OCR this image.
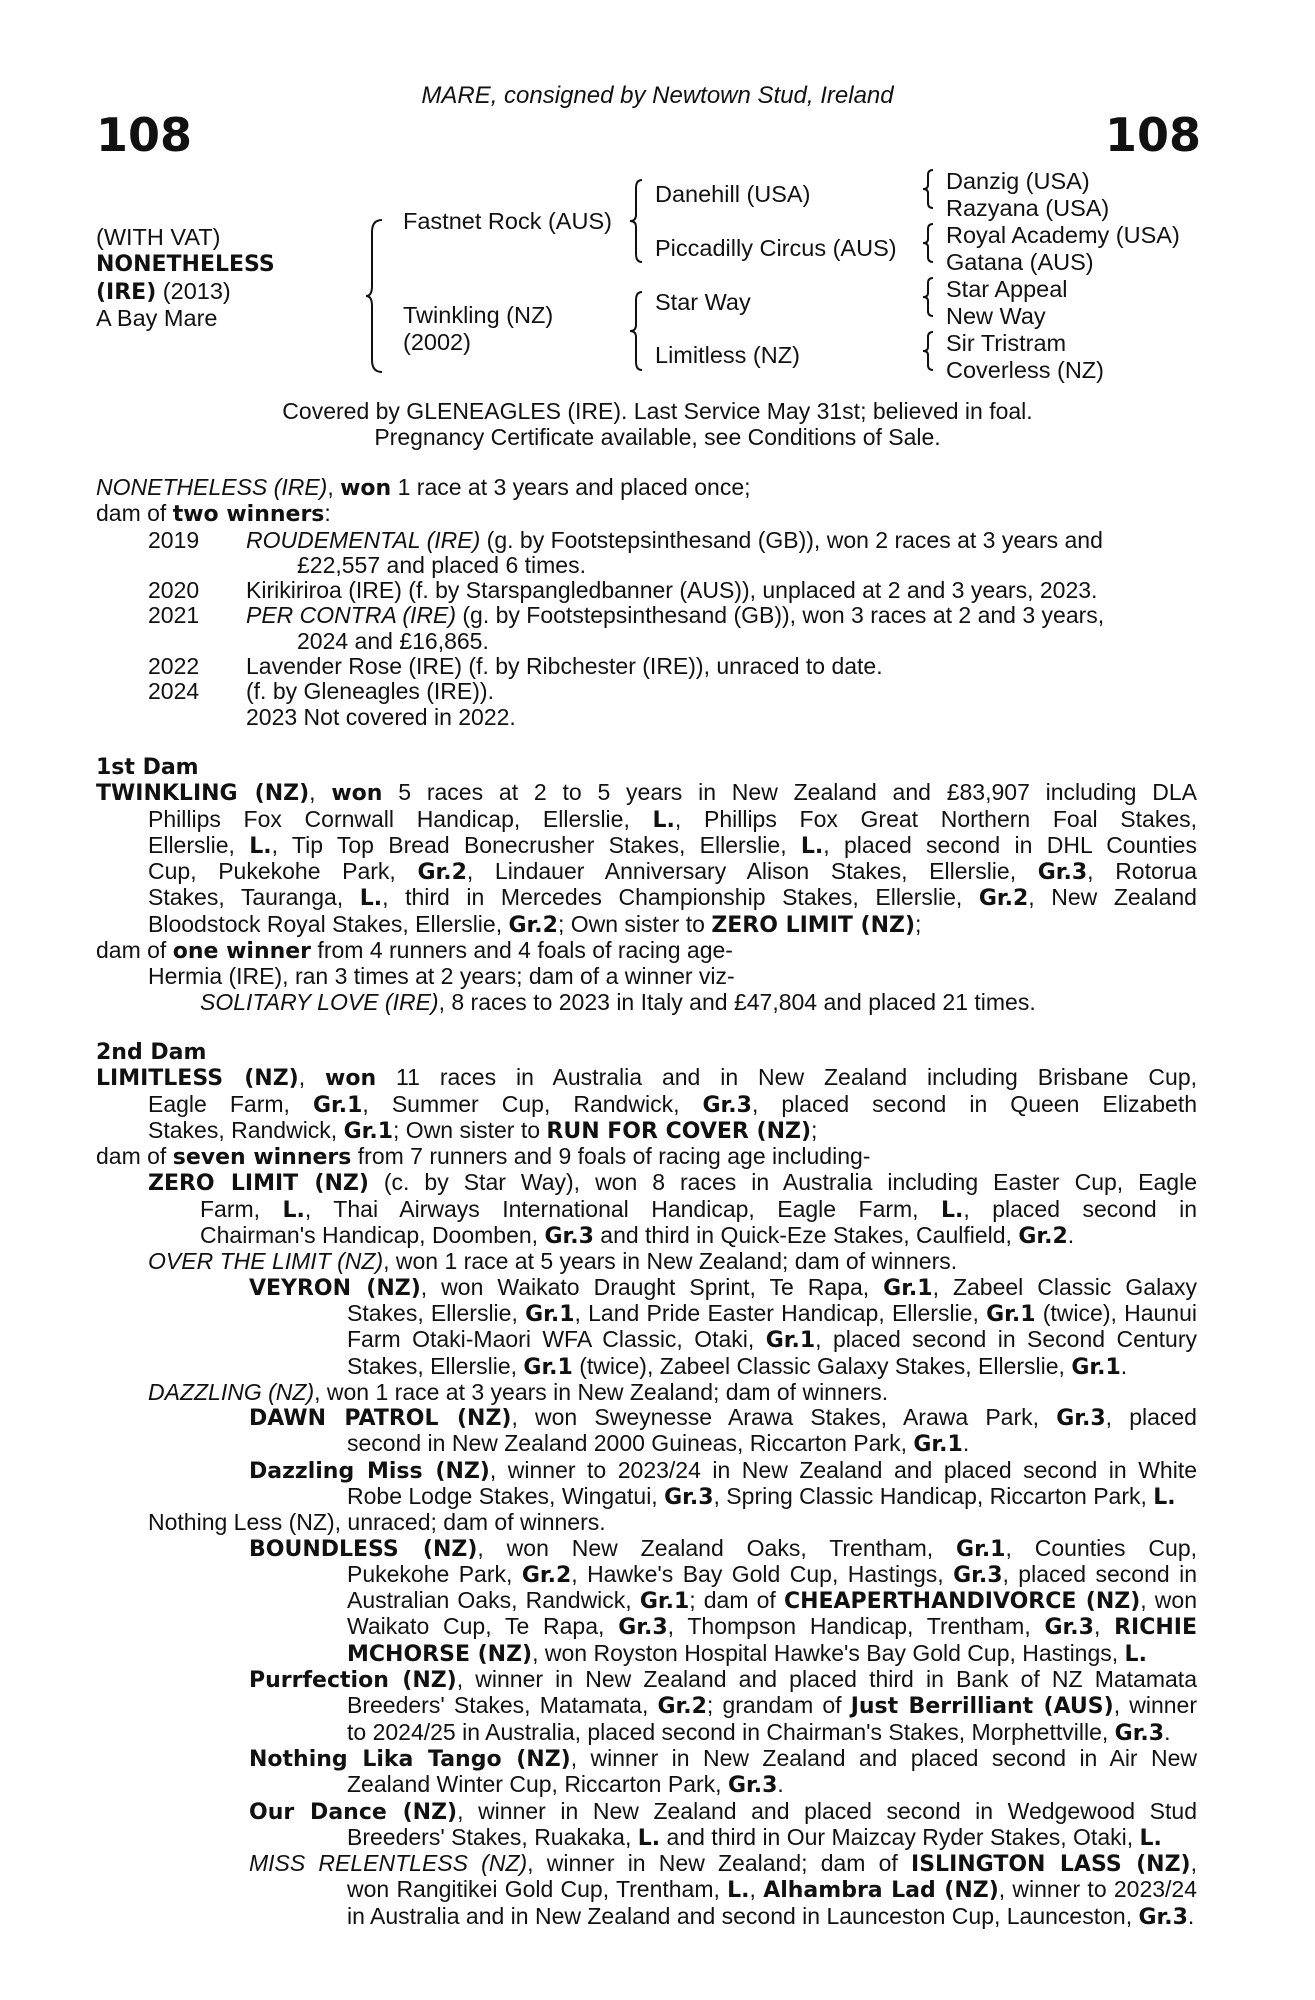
108	108
MARE, consigned by Newtown Stud, Ireland
(WITH VAT)
NONETHELESS
(IRE) (2013)
A Bay Mare
Fastnet Rock (AUS)
Twinkling (NZ)
(2002)
Danehill (USA)
Piccadilly Circus (AUS)
Star Way
Limitless (NZ)
Danzig (USA)
Razyana (USA)
Royal Academy (USA)
Gatana (AUS)
Star Appeal
New Way
Sir Tristram
Coverless (NZ)
Covered by GLENEAGLES (IRE). Last Service May 31st; believed in foal.
Pregnancy Certificate available, see Conditions of Sale.
NONETHELESS (IRE), won 1 race at 3 years and placed once;
dam of two winners:
2019 ROUDEMENTAL (IRE) (g. by Footstepsinthesand (GB)), won 2 races at 3 years and
£22,557 and placed 6 times.
2020 Kirikiriroa (IRE) (f. by Starspangledbanner (AUS)), unplaced at 2 and 3 years, 2023.
2021 PER CONTRA (IRE) (g. by Footstepsinthesand (GB)), won 3 races at 2 and 3 years,
2024 and £16,865.
2022 Lavender Rose (IRE) (f. by Ribchester (IRE)), unraced to date.
2024 (f. by Gleneagles (IRE)).
2023 Not covered in 2022.
1st Dam
TWINKLING (NZ), won 5 races at 2 to 5 years in New Zealand and £83,907 including DLA
Phillips Fox Cornwall Handicap, Ellerslie, L., Phillips Fox Great Northern Foal Stakes,
Ellerslie, L., Tip Top Bread Bonecrusher Stakes, Ellerslie, L., placed second in DHL Counties
Cup, Pukekohe Park, Gr.2, Lindauer Anniversary Alison Stakes, Ellerslie, Gr.3, Rotorua
Stakes, Tauranga, L., third in Mercedes Championship Stakes, Ellerslie, Gr.2, New Zealand
Bloodstock Royal Stakes, Ellerslie, Gr.2; Own sister to ZERO LIMIT (NZ);
dam of one winner from 4 runners and 4 foals of racing age-
Hermia (IRE), ran 3 times at 2 years; dam of a winner viz-
SOLITARY LOVE (IRE), 8 races to 2023 in Italy and £47,804 and placed 21 times.
2nd Dam
LIMITLESS (NZ), won 11 races in Australia and in New Zealand including Brisbane Cup,
Eagle Farm, Gr.1, Summer Cup, Randwick, Gr.3, placed second in Queen Elizabeth
Stakes, Randwick, Gr.1; Own sister to RUN FOR COVER (NZ);
dam of seven winners from 7 runners and 9 foals of racing age including-
ZERO LIMIT (NZ) (c. by Star Way), won 8 races in Australia including Easter Cup, Eagle
Farm, L., Thai Airways International Handicap, Eagle Farm, L., placed second in
Chairman's Handicap, Doomben, Gr.3 and third in Quick-Eze Stakes, Caulfield, Gr.2.
OVER THE LIMIT (NZ), won 1 race at 5 years in New Zealand; dam of winners.
VEYRON (NZ), won Waikato Draught Sprint, Te Rapa, Gr.1, Zabeel Classic Galaxy
Stakes, Ellerslie, Gr.1, Land Pride Easter Handicap, Ellerslie, Gr.1 (twice), Haunui
Farm Otaki-Maori WFA Classic, Otaki, Gr.1, placed second in Second Century
Stakes, Ellerslie, Gr.1 (twice), Zabeel Classic Galaxy Stakes, Ellerslie, Gr.1.
DAZZLING (NZ), won 1 race at 3 years in New Zealand; dam of winners.
DAWN PATROL (NZ), won Sweynesse Arawa Stakes, Arawa Park, Gr.3, placed
second in New Zealand 2000 Guineas, Riccarton Park, Gr.1.
Dazzling Miss (NZ), winner to 2023/24 in New Zealand and placed second in White
Robe Lodge Stakes, Wingatui, Gr.3, Spring Classic Handicap, Riccarton Park, L.
Nothing Less (NZ), unraced; dam of winners.
BOUNDLESS (NZ), won New Zealand Oaks, Trentham, Gr.1, Counties Cup,
Pukekohe Park, Gr.2, Hawke's Bay Gold Cup, Hastings, Gr.3, placed second in
Australian Oaks, Randwick, Gr.1; dam of CHEAPERTHANDIVORCE (NZ), won
Waikato Cup, Te Rapa, Gr.3, Thompson Handicap, Trentham, Gr.3, RICHIE
MCHORSE (NZ), won Royston Hospital Hawke's Bay Gold Cup, Hastings, L.
Purrfection (NZ), winner in New Zealand and placed third in Bank of NZ Matamata
Breeders' Stakes, Matamata, Gr.2; grandam of Just Berrilliant (AUS), winner
to 2024/25 in Australia, placed second in Chairman's Stakes, Morphettville, Gr.3.
Nothing Lika Tango (NZ), winner in New Zealand and placed second in Air New
Zealand Winter Cup, Riccarton Park, Gr.3.
Our Dance (NZ), winner in New Zealand and placed second in Wedgewood Stud
Breeders' Stakes, Ruakaka, L. and third in Our Maizcay Ryder Stakes, Otaki, L.
MISS RELENTLESS (NZ), winner in New Zealand; dam of ISLINGTON LASS (NZ),
won Rangitikei Gold Cup, Trentham, L., Alhambra Lad (NZ), winner to 2023/24
in Australia and in New Zealand and second in Launceston Cup, Launceston, Gr.3.
